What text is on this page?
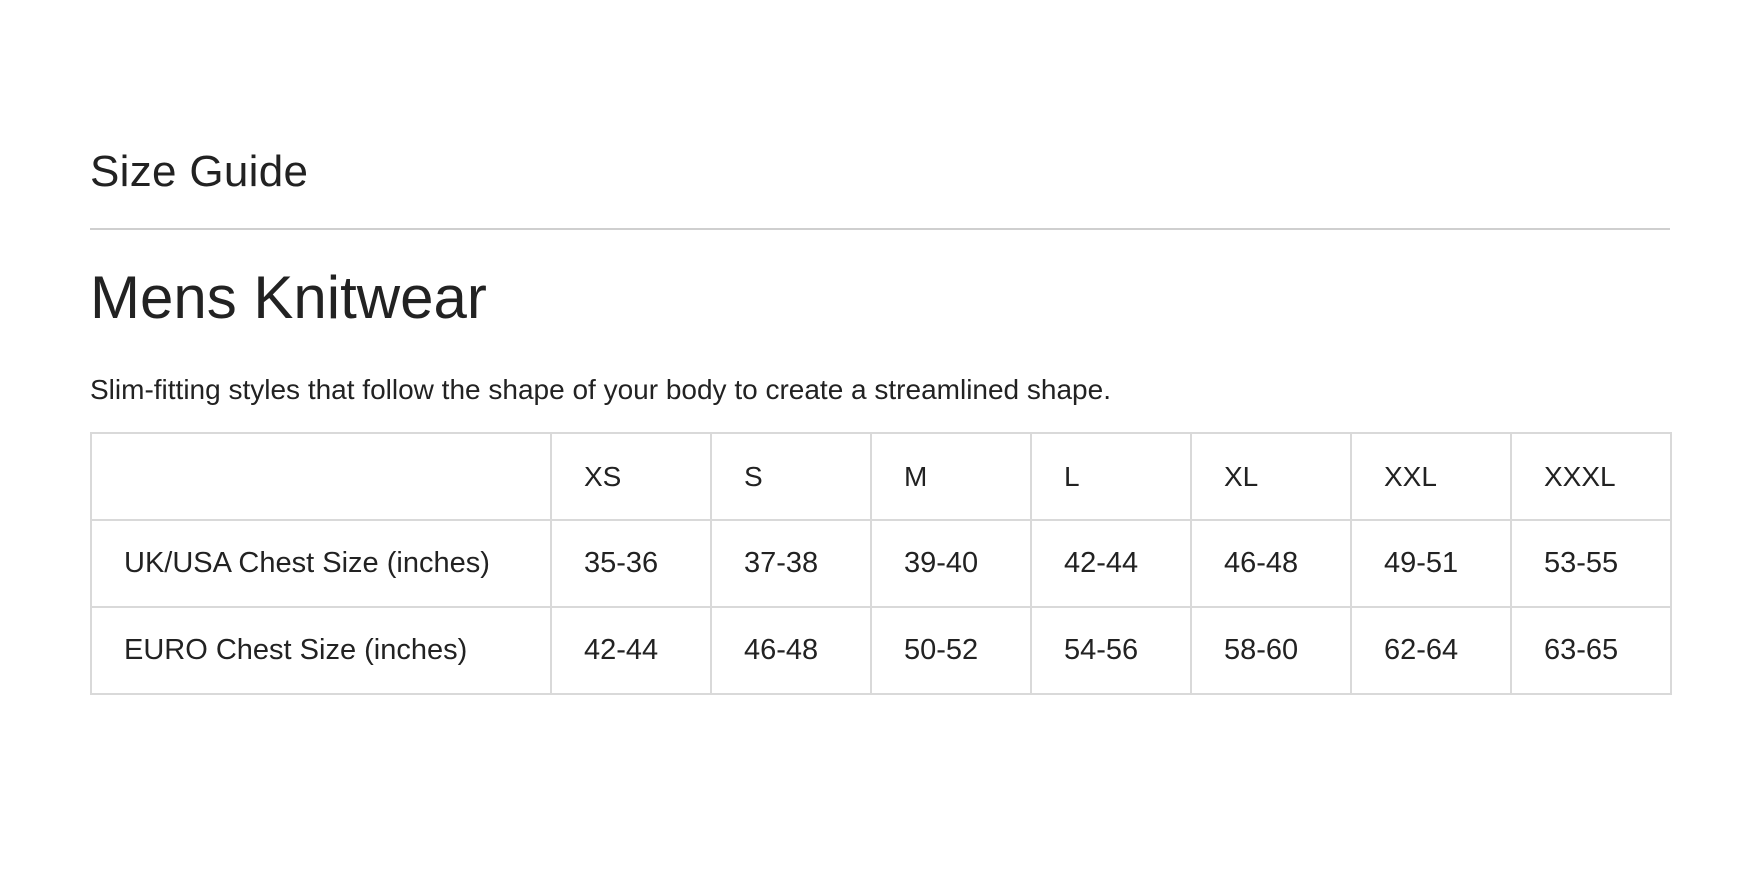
Size Guide
Mens Knitwear

Slim-fitting styles that follow the shape of your body to create a streamlined shape.

	XS	S	M	L	XL	XXL	XXXL
UK/USA Chest Size (inches)	35-36	37-38	39-40	42-44	46-48	49-51	53-55
EURO Chest Size (inches)	42-44	46-48	50-52	54-56	58-60	62-64	63-65
